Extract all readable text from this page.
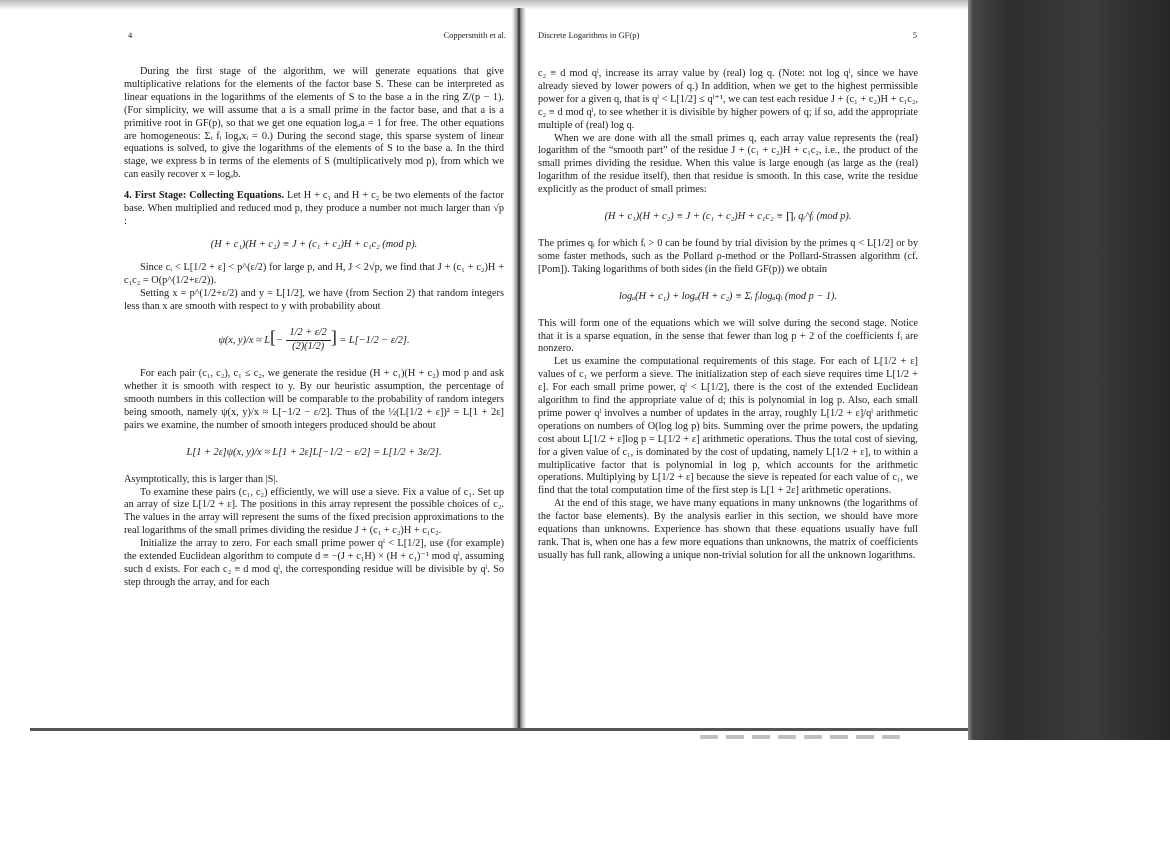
4	Coppersmith et al.

During the first stage of the algorithm, we will generate equations that give multiplicative relations for the elements of the factor base S. These can be interpreted as linear equations in the logarithms of the elements of S to the base a in the ring Z/(p − 1). (For simplicity, we will assume that a is a small prime in the factor base, and that a is a primitive root in GF(p), so that we get one equation logₐa = 1 for free. The other equations are homogeneous: Σᵢ fᵢ logₐxᵢ = 0.) During the second stage, this sparse system of linear equations is solved, to give the logarithms of the elements of S to the base a. In the third stage, we express b in terms of the elements of S (multiplicatively mod p), from which we can easily recover x = logₐb.

4. First Stage: Collecting Equations. Let H + c₁ and H + c₂ be two elements of the factor base. When multiplied and reduced mod p, they produce a number not much larger than √p :

(H + c₁)(H + c₂) ≡ J + (c₁ + c₂)H + c₁c₂ (mod p).

Since cᵢ < L[1/2 + ε] < p^(ε/2) for large p, and H, J < 2√p, we find that J + (c₁ + c₂)H + c₁c₂ = O(p^(1/2+ε/2)).

Setting x = p^(1/2+ε/2) and y = L[1/2], we have (from Section 2) that random integers less than x are smooth with respect to y with probability about

ψ(x, $y)/x \approx L[- \frac{1/2 + \varepsilon/2}{(2)(1/2)}$ ] = L[−1/2 − ε/2].

For each pair (c₁, c₂), c₁ ≤ c₂, we generate the residue (H + c₁)(H + c₂) mod p and ask whether it is smooth with respect to y. By our heuristic assumption, the percentage of smooth numbers in this collection will be comparable to the probability of random integers being smooth, namely ψ(x, y)/x ≈ L[−1/2 − ε/2]. Thus of the ½(L[1/2 + ε])² = L[1 + 2ε] pairs we examine, the number of smooth integers produced should be about

L[1 + 2ε]ψ(x, y)/x ≈ L[1 + 2ε]L[−1/2 − ε/2] = L[1/2 + 3ε/2].

Asymptotically, this is larger than |S|.

To examine these pairs (c₁, c₂) efficiently, we will use a sieve. Fix a value of c₁. Set up an array of size L[1/2 + ε]. The positions in this array represent the possible choices of c₂. The values in the array will represent the sums of the fixed precision approximations to the real logarithms of the small primes dividing the residue J + (c₁ + c₂)H + c₁c₂.

Initialize the array to zero. For each small prime power qˡ < L[1/2], use (for example) the extended Euclidean algorithm to compute d ≡ −(J + c₁H) × (H + c₁)⁻¹ mod qˡ, assuming such d exists. For each c₂ ≡ d mod qˡ, the corresponding residue will be divisible by qˡ. So step through the array, and for each

Discrete Logarithms in GF(p)	5

c₂ ≡ d mod qˡ, increase its array value by (real) log q. (Note: not log qˡ, since we have already sieved by lower powers of q.) In addition, when we get to the highest permissible power for a given q, that is qˡ < L[1/2] ≤ qˡ⁺¹, we can test each residue J + (c₁ + c₂)H + c₁c₂, c₂ ≡ d mod qˡ, to see whether it is divisible by higher powers of q; if so, add the appropriate multiple of (real) log q.

When we are done with all the small primes q, each array value represents the (real) logarithm of the “smooth part” of the residue J + (c₁ + c₂)H + c₁c₂, i.e., the product of the small primes dividing the residue. When this value is large enough (as large as the (real) logarithm of the residue itself), then that residue is smooth. In this case, write the residue explicitly as the product of small primes:

(H + c₁)(H + c₂) ≡ J + (c₁ + c₂)H + c₁c₂ ≡ ∏ᵢ qᵢ^fᵢ (mod p).

The primes qᵢ for which fᵢ > 0 can be found by trial division by the primes q < L[1/2] or by some faster methods, such as the Pollard ρ-method or the Pollard-Strassen algorithm (cf. [Pom]). Taking logarithms of both sides (in the field GF(p)) we obtain

logₐ(H + c₁) + logₐ(H + c₂) ≡ Σᵢ fᵢlogₐqᵢ (mod p − 1).

This will form one of the equations which we will solve during the second stage. Notice that it is a sparse equation, in the sense that fewer than log p + 2 of the coefficients fᵢ are nonzero.

Let us examine the computational requirements of this stage. For each of L[1/2 + ε] values of c₁ we perform a sieve. The initialization step of each sieve requires time L[1/2 + ε]. For each small prime power, qˡ < L[1/2], there is the cost of the extended Euclidean algorithm to find the appropriate value of d; this is polynomial in log p. Also, each small prime power qˡ involves a number of updates in the array, roughly L[1/2 + ε]/qˡ arithmetic operations on numbers of O(log log p) bits. Summing over the prime powers, the updating cost about L[1/2 + ε]log p = L[1/2 + ε] arithmetic operations. Thus the total cost of sieving, for a given value of c₁, is dominated by the cost of updating, namely L[1/2 + ε], to within a multiplicative factor that is polynomial in log p, which accounts for the arithmetic operations. Multiplying by L[1/2 + ε] because the sieve is repeated for each value of c₁, we find that the total computation time of the first step is L[1 + 2ε] arithmetic operations.

At the end of this stage, we have many equations in many unknowns (the logarithms of the factor base elements). By the analysis earlier in this section, we should have more equations than unknowns. Experience has shown that these equations usually have full rank. That is, when one has a few more equations than unknowns, the matrix of coefficients usually has full rank, allowing a unique non-trivial solution for all the unknown logarithms.
